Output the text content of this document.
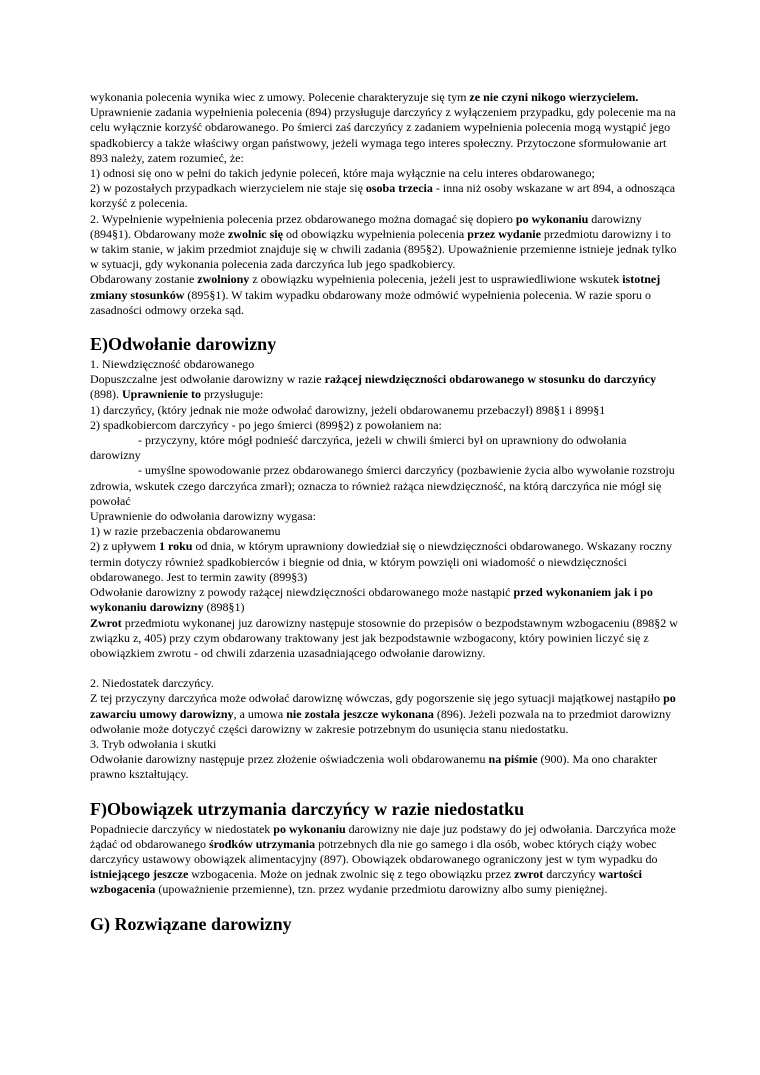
wykonania polecenia wynika wiec z umowy. Polecenie charakteryzuje się tym ze nie czyni nikogo wierzycielem.

Uprawnienie zadania wypełnienia polecenia (894) przysługuje darczyńcy z wyłączeniem przypadku, gdy polecenie ma na celu wyłącznie korzyść obdarowanego. Po śmierci zaś darczyńcy z zadaniem wypełnienia polecenia mogą wystąpić jego spadkobiercy a także właściwy organ państwowy, jeżeli wymaga tego interes społeczny. Przytoczone sformułowanie art 893 należy, zatem rozumieć, że:

1) odnosi się ono w pełni do takich jedynie poleceń, które maja wyłącznie na celu interes obdarowanego;

2) w pozostałych przypadkach wierzycielem nie staje się osoba trzecia - inna niż osoby wskazane w art 894, a odnosząca korzyść z polecenia.

2. Wypełnienie wypełnienia polecenia przez obdarowanego można domagać się dopiero po wykonaniu darowizny (894§1). Obdarowany może zwolnic się od obowiązku wypełnienia polecenia przez wydanie przedmiotu darowizny i to w takim stanie, w jakim przedmiot znajduje się w chwili zadania (895§2). Upoważnienie przemienne istnieje jednak tylko w sytuacji, gdy wykonania polecenia zada darczyńca lub jego spadkobiercy.

Obdarowany zostanie zwolniony z obowiązku wypełnienia polecenia, jeżeli jest to usprawiedliwione wskutek istotnej zmiany stosunków (895§1). W takim wypadku obdarowany może odmówić wypełnienia polecenia. W razie sporu o zasadności odmowy orzeka sąd.

E)Odwołanie darowizny

1. Niewdzięczność obdarowanego

Dopuszczalne jest odwołanie darowizny w razie rażącej niewdzięczności obdarowanego w stosunku do darczyńcy (898). Uprawnienie to przysługuje:

1) darczyńcy, (który jednak nie może odwołać darowizny, jeżeli obdarowanemu przebaczył) 898§1 i 899§1

2) spadkobiercom darczyńcy - po jego śmierci (899§2) z powołaniem na:

- przyczyny, które mógł podnieść darczyńca, jeżeli w chwili śmierci był on uprawniony do odwołania darowizny

- umyślne spowodowanie przez obdarowanego śmierci darczyńcy (pozbawienie życia albo wywołanie rozstroju zdrowia, wskutek czego darczyńca zmarł); oznacza to również rażąca niewdzięczność, na którą darczyńca nie mógł się powołać

Uprawnienie do odwołania darowizny wygasa:

1) w razie przebaczenia obdarowanemu

2) z upływem 1 roku od dnia, w którym uprawniony dowiedział się o niewdzięczności obdarowanego. Wskazany roczny termin dotyczy również spadkobierców i biegnie od dnia, w którym powzięli oni wiadomość o niewdzięczności obdarowanego. Jest to termin zawity (899§3)

Odwołanie darowizny z powody rażącej niewdzięczności obdarowanego może nastąpić przed wykonaniem jak i po wykonaniu darowizny (898§1)

Zwrot przedmiotu wykonanej juz darowizny następuje stosownie do przepisów o bezpodstawnym wzbogaceniu (898§2 w związku z, 405) przy czym obdarowany traktowany jest jak bezpodstawnie wzbogacony, który powinien liczyć się z obowiązkiem zwrotu - od chwili zdarzenia uzasadniającego odwołanie darowizny.

2. Niedostatek darczyńcy.

Z tej przyczyny darczyńca może odwołać darowiznę wówczas, gdy pogorszenie się jego sytuacji majątkowej nastąpiło po zawarciu umowy darowizny, a umowa nie została jeszcze wykonana (896). Jeżeli pozwala na to przedmiot darowizny odwołanie może dotyczyć części darowizny w zakresie potrzebnym do usunięcia stanu niedostatku.

3. Tryb odwołania i skutki

Odwołanie darowizny następuje przez złożenie oświadczenia woli obdarowanemu na piśmie (900). Ma ono charakter prawno kształtujący.

F)Obowiązek utrzymania darczyńcy w razie niedostatku

Popadniecie darczyńcy w niedostatek po wykonaniu darowizny nie daje juz podstawy do jej odwołania. Darczyńca może żądać od obdarowanego środków utrzymania potrzebnych dla nie go samego i dla osób, wobec których ciąży wobec darczyńcy ustawowy obowiązek alimentacyjny (897). Obowiązek obdarowanego ograniczony jest w tym wypadku do istniejącego jeszcze wzbogacenia. Może on jednak zwolnic się z tego obowiązku przez zwrot darczyńcy wartości wzbogacenia (upoważnienie przemienne), tzn. przez wydanie przedmiotu darowizny albo sumy pieniężnej.

G) Rozwiązane darowizny
